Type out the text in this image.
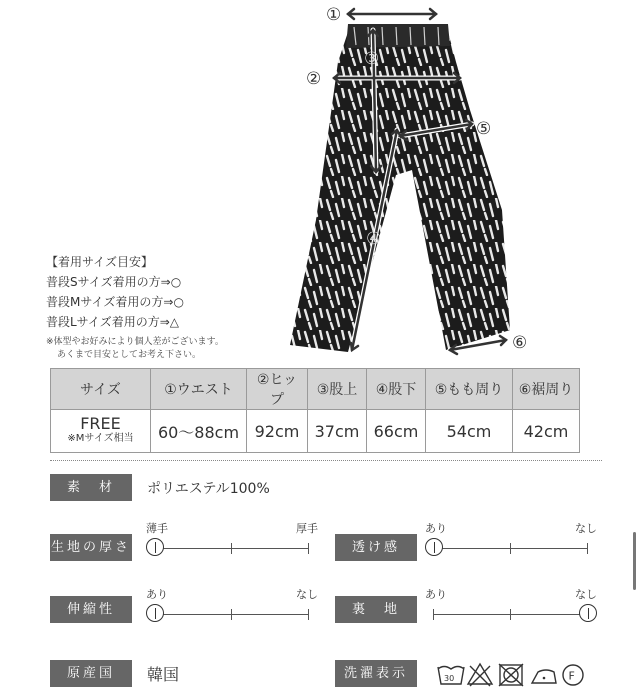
①
②
③
④
⑤
⑥
【着用サイズ目安】
普段Sサイズ着用の方⇒○
普段Mサイズ着用の方⇒○
普段Lサイズ着用の方⇒△
※体型やお好みにより個人差がございます。
あくまで目安としてお考え下さい。
サイズ	①ウエスト	②ヒップ	③股上	④股下	⑤もも周り	⑥裾周り
FREE
※Mサイズ相当	60〜88cm	92cm	37cm	66cm	54cm	42cm
素　材	ポリエステル100%
生地の厚さ
薄手	厚手
透け感
あり	なし
伸縮性
あり	なし
裏　地
あり	なし
原産国	韓国	洗濯表示	30	F
